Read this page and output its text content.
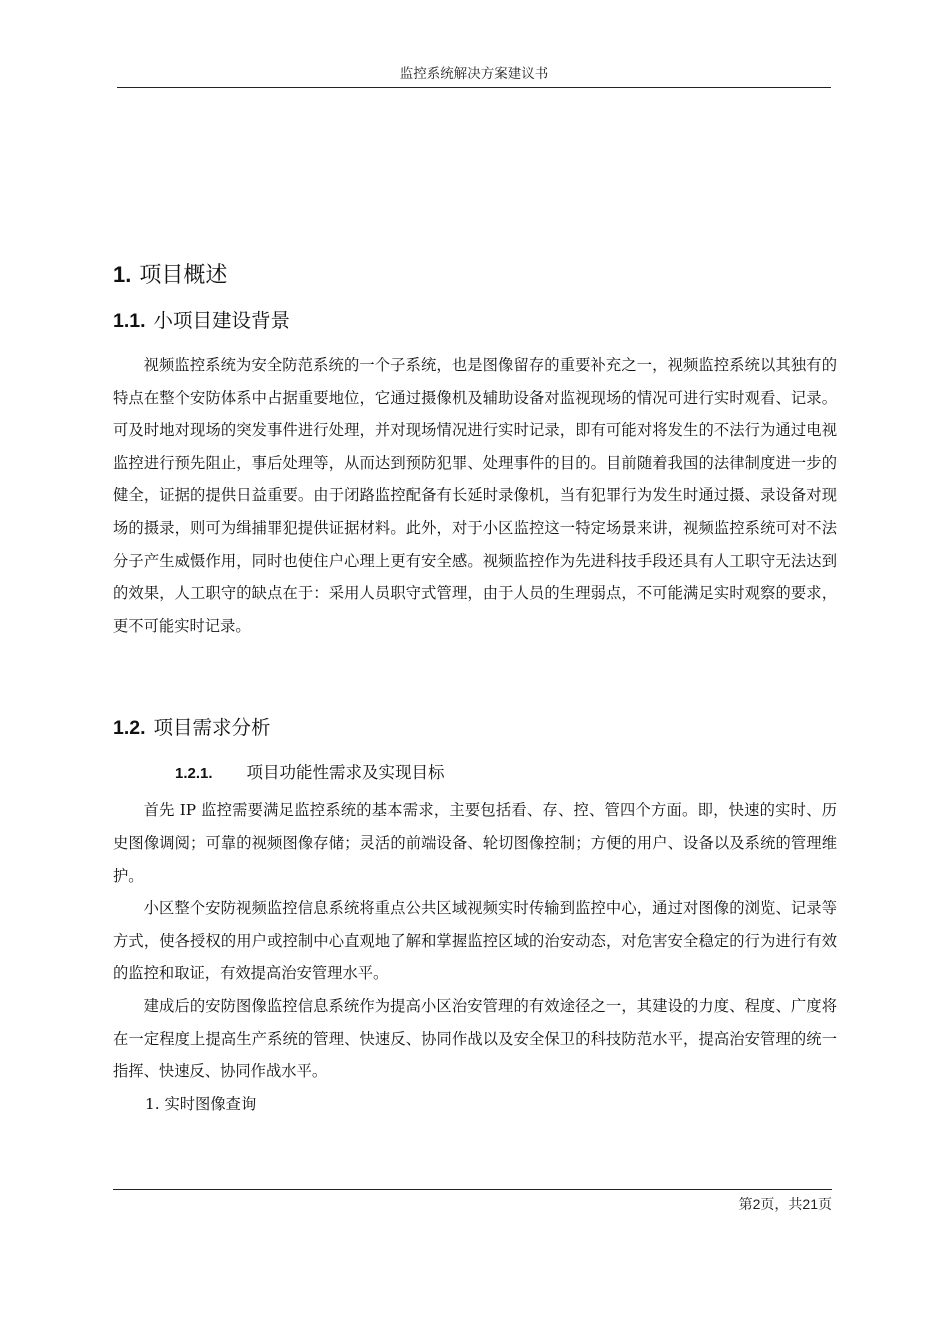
监控系统解决方案建议书
1. 项目概述
1.1. 小项目建设背景

视频监控系统为安全防范系统的一个子系统，也是图像留存的重要补充之一，视频监控系统以其独有的特点在整个安防体系中占据重要地位，它通过摄像机及辅助设备对监视现场的情况可进行实时观看、记录。可及时地对现场的突发事件进行处理，并对现场情况进行实时记录，即有可能对将发生的不法行为通过电视监控进行预先阻止，事后处理等，从而达到预防犯罪、处理事件的目的。目前随着我国的法律制度进一步的健全，证据的提供日益重要。由于闭路监控配备有长延时录像机，当有犯罪行为发生时通过摄、录设备对现场的摄录，则可为缉捕罪犯提供证据材料。此外，对于小区监控这一特定场景来讲，视频监控系统可对不法分子产生威慑作用，同时也使住户心理上更有安全感。视频监控作为先进科技手段还具有人工职守无法达到的效果，人工职守的缺点在于：采用人员职守式管理，由于人员的生理弱点，不可能满足实时观察的要求，更不可能实时记录。

1.2. 项目需求分析
1.2.1. 项目功能性需求及实现目标

首先 IP 监控需要满足监控系统的基本需求，主要包括看、存、控、管四个方面。即，快速的实时、历史图像调阅；可靠的视频图像存储；灵活的前端设备、轮切图像控制；方便的用户、设备以及系统的管理维护。

小区整个安防视频监控信息系统将重点公共区域视频实时传输到监控中心，通过对图像的浏览、记录等方式，使各授权的用户或控制中心直观地了解和掌握监控区域的治安动态，对危害安全稳定的行为进行有效的监控和取证，有效提高治安管理水平。

建成后的安防图像监控信息系统作为提高小区治安管理的有效途径之一，其建设的力度、程度、广度将在一定程度上提高生产系统的管理、快速反、协同作战以及安全保卫的科技防范水平，提高治安管理的统一指挥、快速反、协同作战水平。

1. 实时图像查询

第2页，共21页
